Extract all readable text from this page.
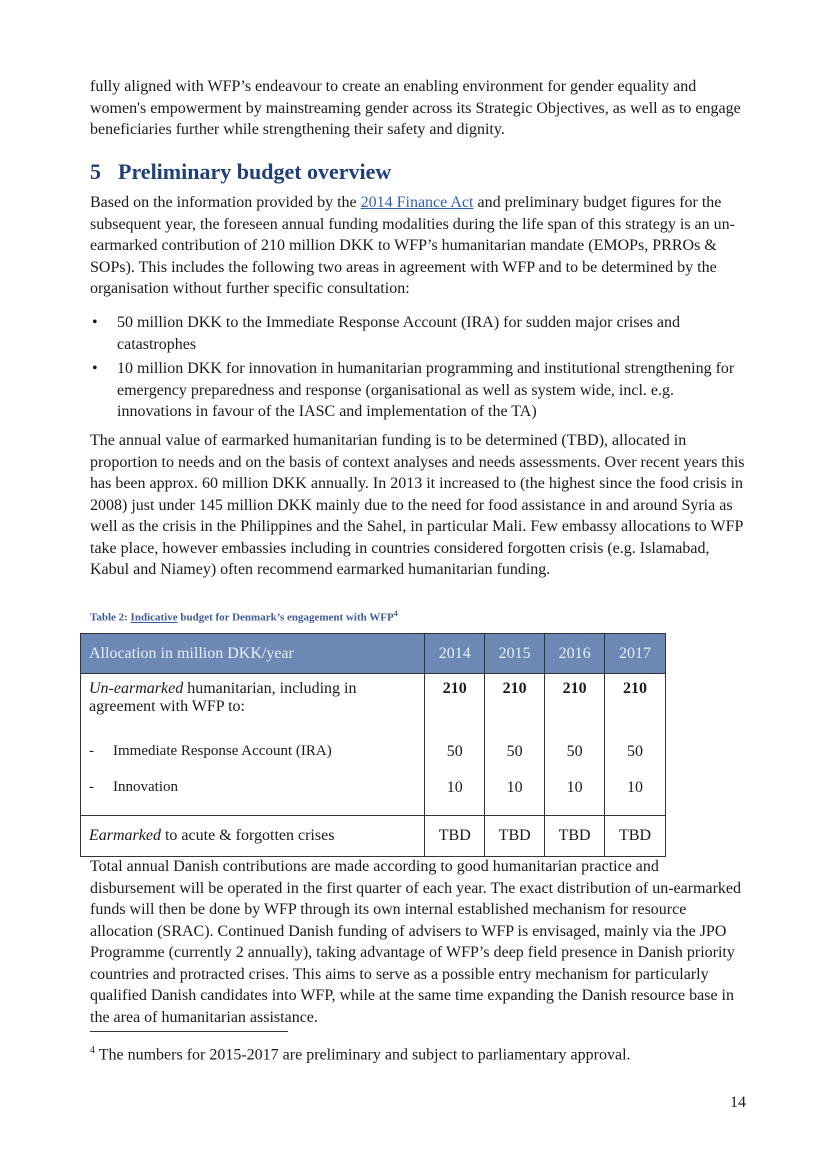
fully aligned with WFP’s endeavour to create an enabling environment for gender equality and women's empowerment by mainstreaming gender across its Strategic Objectives, as well as to engage beneficiaries further while strengthening their safety and dignity.

5 Preliminary budget overview

Based on the information provided by the 2014 Finance Act and preliminary budget figures for the subsequent year, the foreseen annual funding modalities during the life span of this strategy is an un-earmarked contribution of 210 million DKK to WFP’s humanitarian mandate (EMOPs, PRROs & SOPs). This includes the following two areas in agreement with WFP and to be determined by the organisation without further specific consultation:

• 50 million DKK to the Immediate Response Account (IRA) for sudden major crises and catastrophes
• 10 million DKK for innovation in humanitarian programming and institutional strengthening for emergency preparedness and response (organisational as well as system wide, incl. e.g. innovations in favour of the IASC and implementation of the TA)

The annual value of earmarked humanitarian funding is to be determined (TBD), allocated in proportion to needs and on the basis of context analyses and needs assessments. Over recent years this has been approx. 60 million DKK annually. In 2013 it increased to (the highest since the food crisis in 2008) just under 145 million DKK mainly due to the need for food assistance in and around Syria as well as the crisis in the Philippines and the Sahel, in particular Mali. Few embassy allocations to WFP take place, however embassies including in countries considered forgotten crisis (e.g. Islamabad, Kabul and Niamey) often recommend earmarked humanitarian funding.

Table 2: Indicative budget for Denmark’s engagement with WFP$^4$

Allocation in million DKK/year	2014	2015	2016	2017
Un-earmarked humanitarian, including in agreement with WFP to:	210	210	210	210
- Immediate Response Account (IRA)	50	50	50	50
- Innovation	10	10	10	10
Earmarked to acute & forgotten crises	TBD	TBD	TBD	TBD

Total annual Danish contributions are made according to good humanitarian practice and disbursement will be operated in the first quarter of each year. The exact distribution of un-earmarked funds will then be done by WFP through its own internal established mechanism for resource allocation (SRAC). Continued Danish funding of advisers to WFP is envisaged, mainly via the JPO Programme (currently 2 annually), taking advantage of WFP’s deep field presence in Danish priority countries and protracted crises. This aims to serve as a possible entry mechanism for particularly qualified Danish candidates into WFP, while at the same time expanding the Danish resource base in the area of humanitarian assistance.

$^4$ The numbers for 2015-2017 are preliminary and subject to parliamentary approval.

14
